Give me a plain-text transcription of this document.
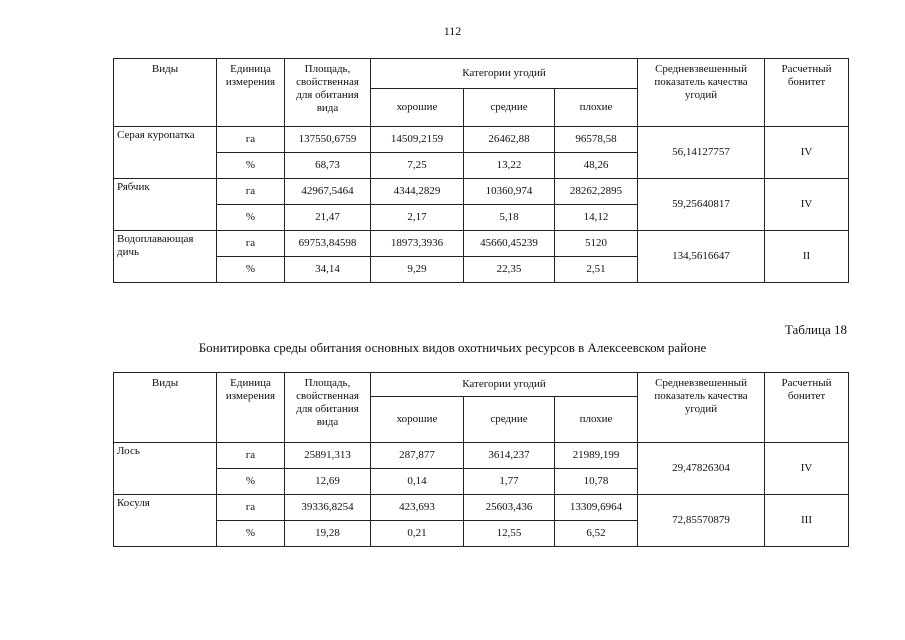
112
Виды	Единица измерения	Площадь, свойственная для обитания вида	Категории угодий			Средневзвешенный показатель качества угодий	Расчетный бонитет
			хорошие	средние	плохие		
Серая куропатка	га	137550,6759	14509,2159	26462,88	96578,58	56,14127757	IV
	%	68,73	7,25	13,22	48,26		
Рябчик	га	42967,5464	4344,2829	10360,974	28262,2895	59,25640817	IV
	%	21,47	2,17	5,18	14,12		
Водоплавающая дичь	га	69753,84598	18973,3936	45660,45239	5120	134,5616647	II
	%	34,14	9,29	22,35	2,51		
Таблица 18
Бонитировка среды обитания основных видов охотничьих ресурсов в Алексеевском районе
Виды	Единица измерения	Площадь, свойственная для обитания вида	Категории угодий			Средневзвешенный показатель качества угодий	Расчетный бонитет
			хорошие	средние	плохие		
Лось	га	25891,313	287,877	3614,237	21989,199	29,47826304	IV
	%	12,69	0,14	1,77	10,78		
Косуля	га	39336,8254	423,693	25603,436	13309,6964	72,85570879	III
	%	19,28	0,21	12,55	6,52		
